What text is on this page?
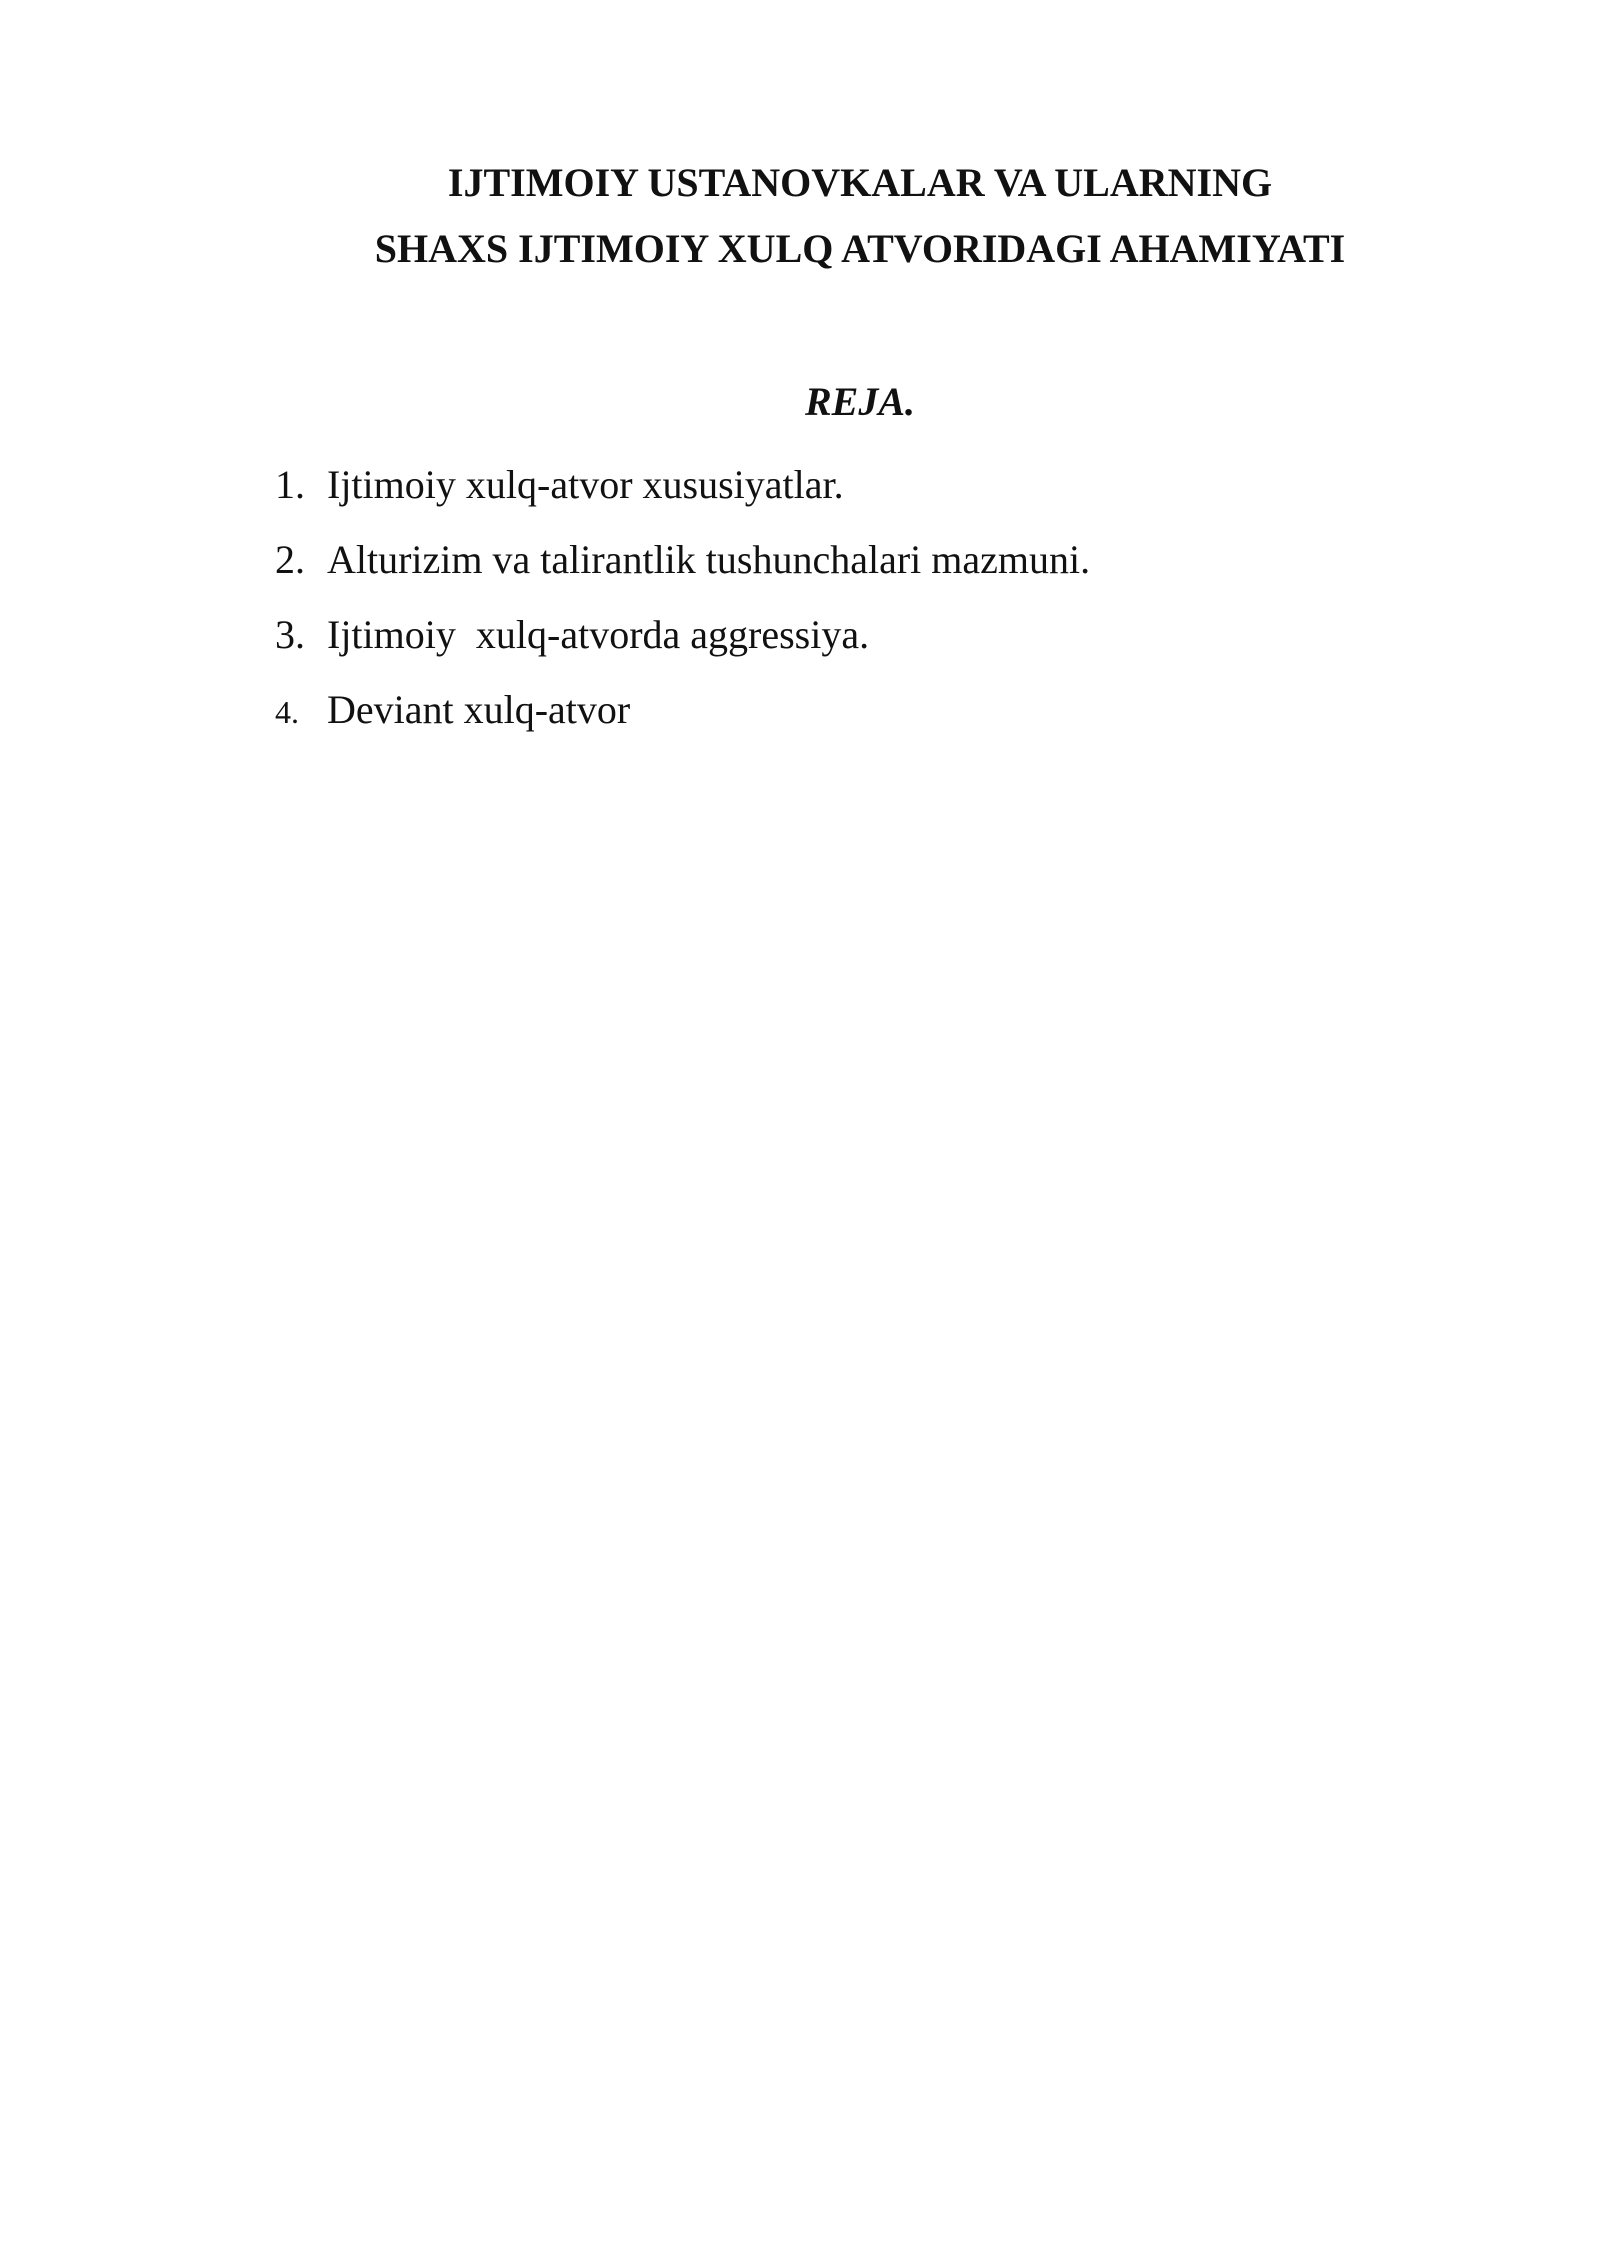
IJTIMOIY USTANOVKALAR VA ULARNING
SHAXS IJTIMOIY XULQ ATVORIDAGI AHAMIYATI
REJA.
1. Ijtimoiy xulq-atvor xususiyatlar.
2. Alturizim va talirantlik tushunchalari mazmuni.
3. Ijtimoiy  xulq-atvorda aggressiya.
4. Deviant xulq-atvor
